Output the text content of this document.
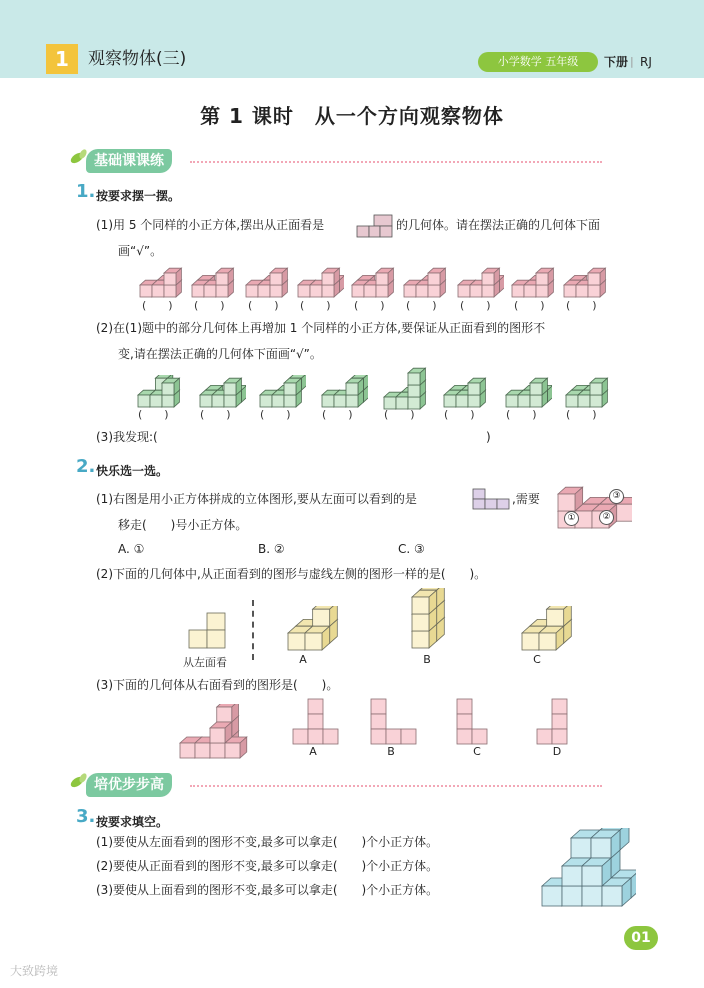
1	观察物体(三)	小学数学 五年级	下册 | RJ
第 1 课时　从一个方向观察物体
基础课课练
1. 按要求摆一摆。
(1)用 5 个同样的小正方体,摆出从正面看是	的几何体。请在摆法正确的几何体下面
画“√”。
(　　) (　　) (　　) (　　) (　　) (　　) (　　) (　　) (　　)
(2)在(1)题中的部分几何体上再增加 1 个同样的小正方体,要保证从正面看到的图形不
变,请在摆法正确的几何体下面画“√”。
(　　)	(　　)	(　　)	(　　)	(　　)	(　　)	(　　)	(　　)
(3)我发现:(	)
2. 快乐选一选。
(1)右图是用小正方体拼成的立体图形,要从左面可以看到的是	,需要
移走(　　)号小正方体。
A. ①	B. ②	C. ③
①	②
③
(2)下面的几何体中,从正面看到的图形与虚线左侧的图形一样的是(　　)。
从左面看	A	B	C
(3)下面的几何体从右面看到的图形是(　　)。
A	B	C	D
培优步步高
3. 按要求填空。
(1)要使从左面看到的图形不变,最多可以拿走(　　)个小正方体。
(2)要使从正面看到的图形不变,最多可以拿走(　　)个小正方体。
(3)要使从上面看到的图形不变,最多可以拿走(　　)个小正方体。
01
大致跨境
